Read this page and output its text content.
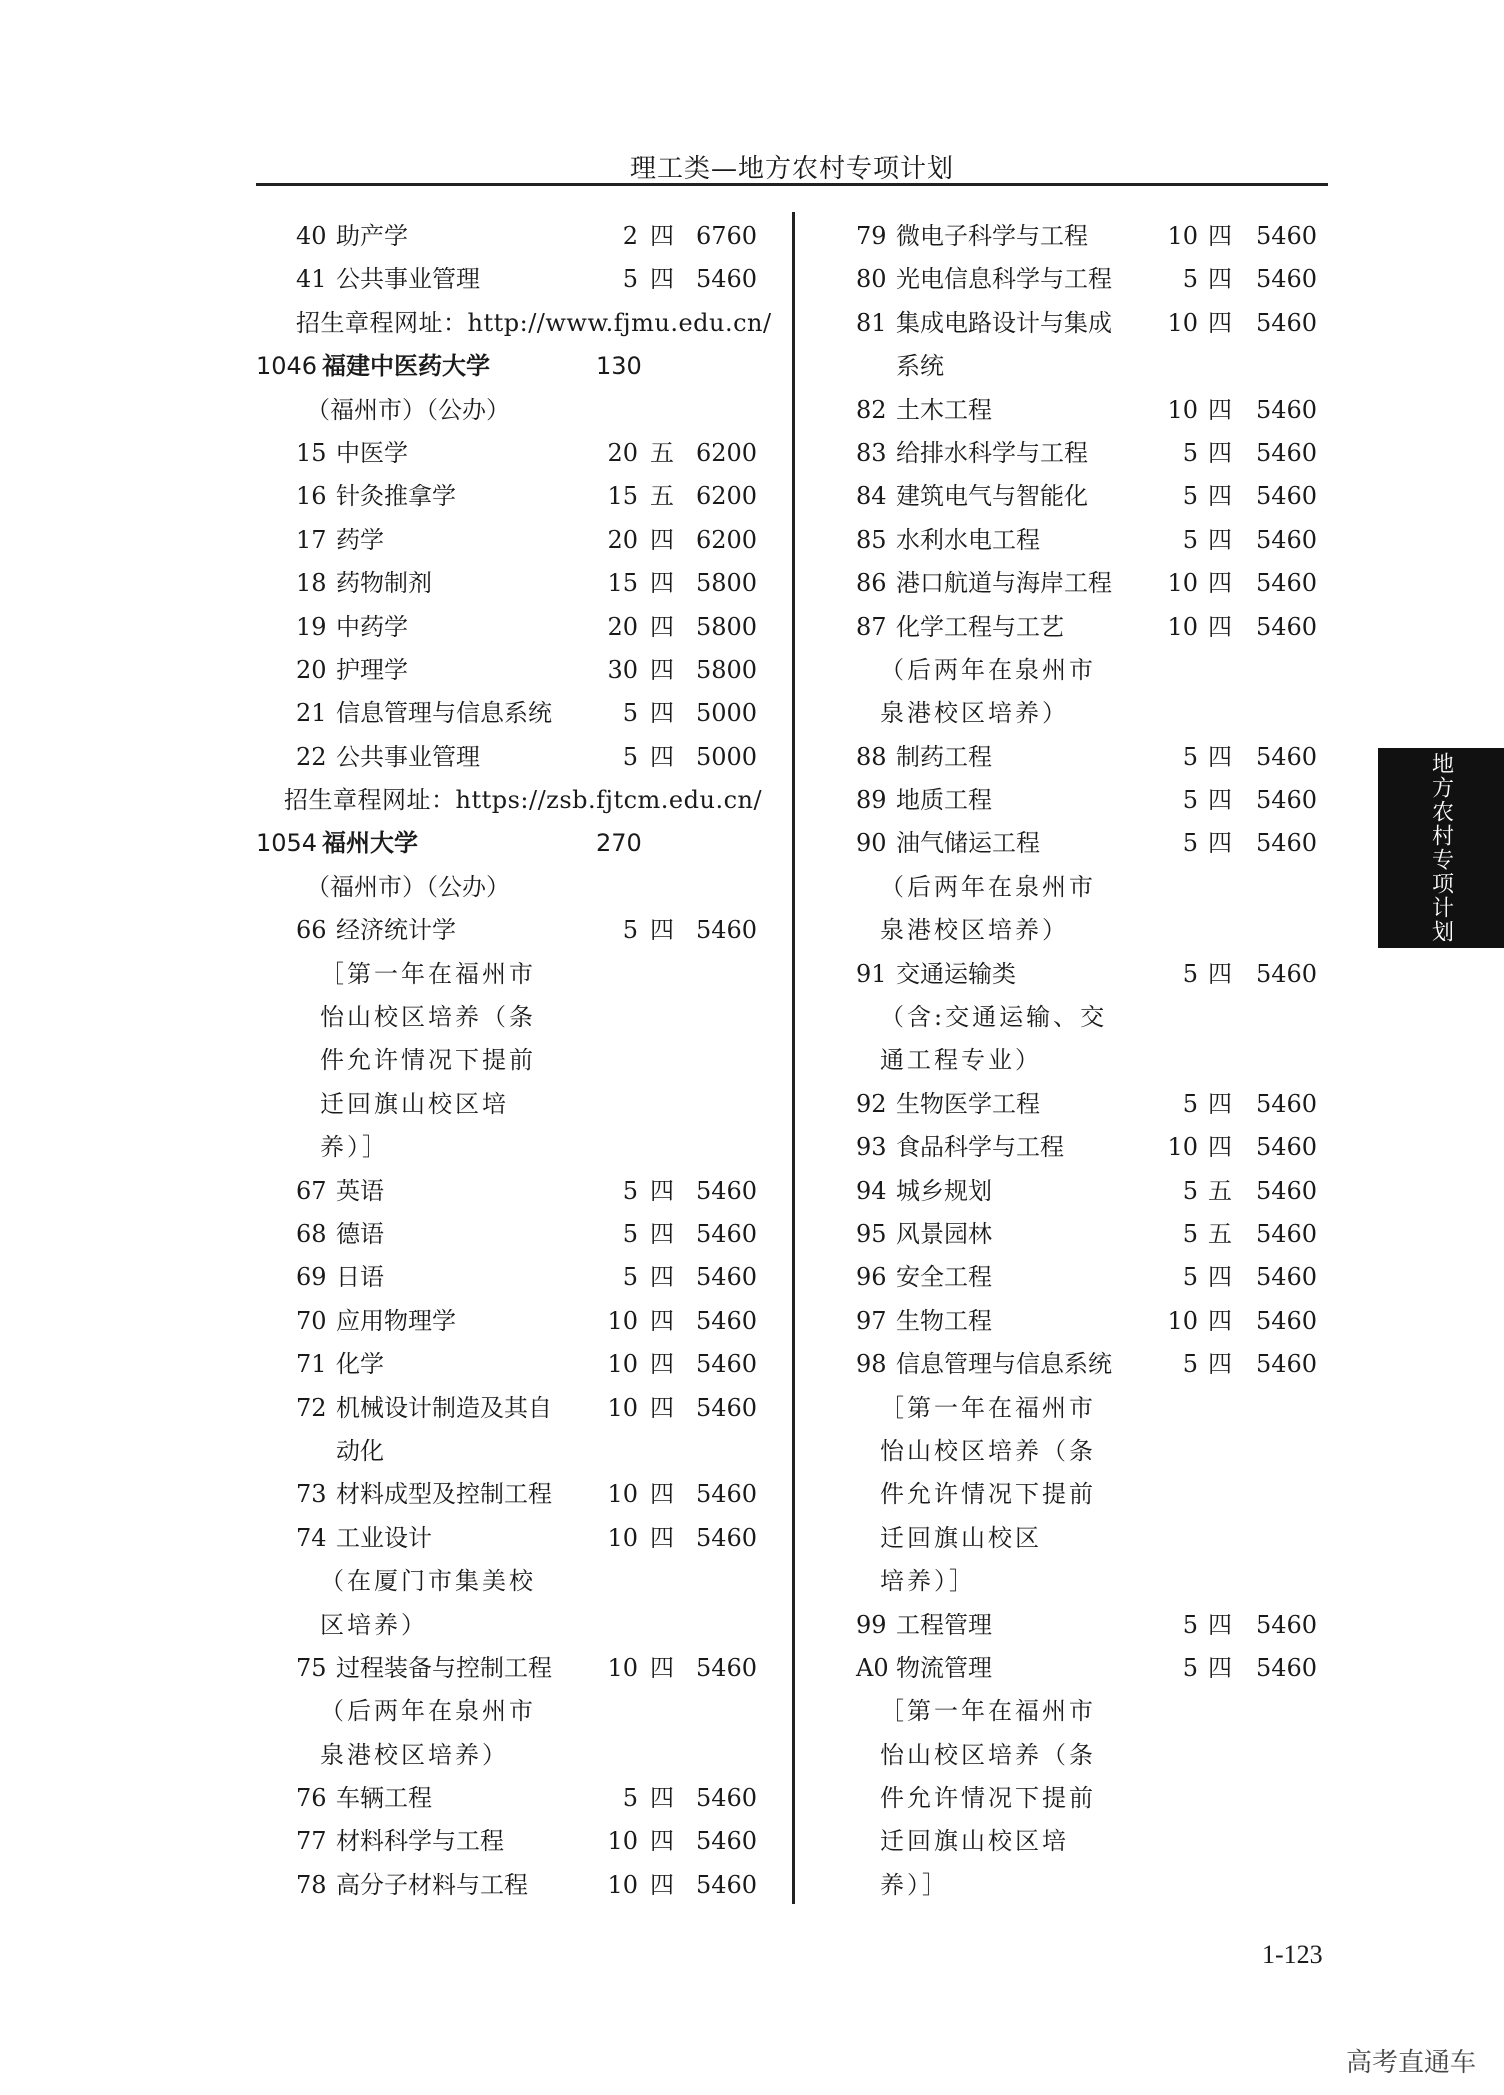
理工类—地方农村专项计划
40 助产学	2 四 6760
41 公共事业管理	5 四 5460
招生章程网址：http://www.fjmu.edu.cn/
1046 福建中医药大学	130
（福州市）（公办）
15 中医学	20 五 6200
16 针灸推拿学	15 五 6200
17 药学	20 四 6200
18 药物制剂	15 四 5800
19 中药学	20 四 5800
20 护理学	30 四 5800
21 信息管理与信息系统	5 四 5000
22 公共事业管理	5 四 5000
招生章程网址：https://zsb.fjtcm.edu.cn/
1054 福州大学	270
（福州市）（公办）
66 经济统计学	5 四 5460
［第一年在福州市
怡山校区培养（条
件允许情况下提前
迁回旗山校区培
养）］
67 英语	5 四 5460
68 德语	5 四 5460
69 日语	5 四 5460
70 应用物理学	10 四 5460
71 化学	10 四 5460
72 机械设计制造及其自 10 四 5460
动化
73 材料成型及控制工程 10 四 5460
74 工业设计	10 四 5460
（在厦门市集美校
区培养）
75 过程装备与控制工程 10 四 5460
（后两年在泉州市
泉港校区培养）
76 车辆工程	5 四 5460
77 材料科学与工程	10 四 5460
78 高分子材料与工程	10 四 5460
79 微电子科学与工程	10 四 5460
80 光电信息科学与工程	5 四 5460
81 集成电路设计与集成 10 四 5460
系统
82 土木工程	10 四 5460
83 给排水科学与工程	5 四 5460
84 建筑电气与智能化	5 四 5460
85 水利水电工程	5 四 5460
86 港口航道与海岸工程 10 四 5460
87 化学工程与工艺	10 四 5460
（后两年在泉州市
泉港校区培养）
88 制药工程	5 四 5460
89 地质工程	5 四 5460
90 油气储运工程	5 四 5460
（后两年在泉州市
泉港校区培养）
91 交通运输类	5 四 5460
（含:交通运输、交
通工程专业）
92 生物医学工程	5 四 5460
93 食品科学与工程	10 四 5460
94 城乡规划	5 五 5460
95 风景园林	5 五 5460
96 安全工程	5 四 5460
97 生物工程	10 四 5460
98 信息管理与信息系统	5 四 5460
［第一年在福州市
怡山校区培养（条
件允许情况下提前
迁回旗山校区
培养）］
99 工程管理	5 四 5460
A0 物流管理	5 四 5460
［第一年在福州市
怡山校区培养（条
件允许情况下提前
迁回旗山校区培
养）］
地方农村专项计划
1-123
高考直通车
